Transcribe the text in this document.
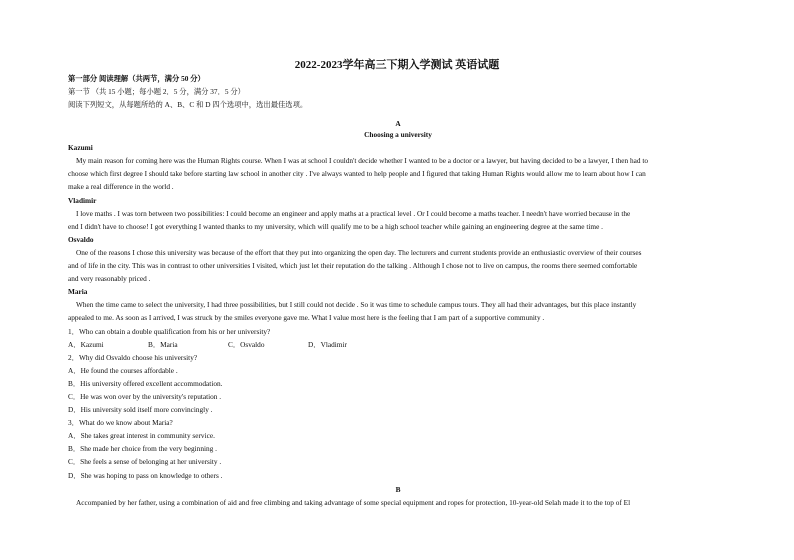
2022-2023学年高三下期入学测试 英语试题
第一部分 阅读理解（共两节，满分 50 分）
第一节 （共 15 小题；每小题 2．5 分，满分 37．5 分）
阅读下列短文，从每题所给的 A、B、C 和 D 四个选项中，选出最佳选项。
A
Choosing a university
Kazumi
My main reason for coming here was the Human Rights course. When I was at school I couldn't decide whether I wanted to be a doctor or a lawyer, but having decided to be a lawyer, I then had to
choose which first degree I should take before starting law school in another city . I've always wanted to help people and I figured that taking Human Rights would allow me to learn about how I can
make a real difference in the world .
Vladimir
I love maths . I was torn between two possibilities: I could become an engineer and apply maths at a practical level . Or I could become a maths teacher. I needn't have worried because in the
end I didn't have to choose! I got everything I wanted thanks to my university, which will qualify me to be a high school teacher while gaining an engineering degree at the same time .
Osvaldo
One of the reasons I chose this university was because of the effort that they put into organizing the open day. The lecturers and current students provide an enthusiastic overview of their courses
and of life in the city. This was in contrast to other universities I visited, which just let their reputation do the talking . Although I chose not to live on campus, the rooms there seemed comfortable
and very reasonably priced .
Maria
When the time came to select the university, I had three possibilities, but I still could not decide . So it was time to schedule campus tours. They all had their advantages, but this place instantly
appealed to me. As soon as I arrived, I was struck by the smiles everyone gave me. What I value most here is the feeling that I am part of a supportive community .
1．Who can obtain a double qualification from his or her university?
A．Kazumi	B．Maria	C．Osvaldo	D．Vladimir
2．Why did Osvaldo choose his university?
A．He found the courses affordable .
B．His university offered excellent accommodation.
C．He was won over by the university's reputation .
D．His university sold itself more convincingly .
3．What do we know about Maria?
A．She takes great interest in community service.
B．She made her choice from the very beginning .
C．She feels a sense of belonging at her university .
D．She was hoping to pass on knowledge to others .
B
Accompanied by her father, using a combination of aid and free climbing and taking advantage of some special equipment and ropes for protection, 10-year-old Selah made it to the top of El
